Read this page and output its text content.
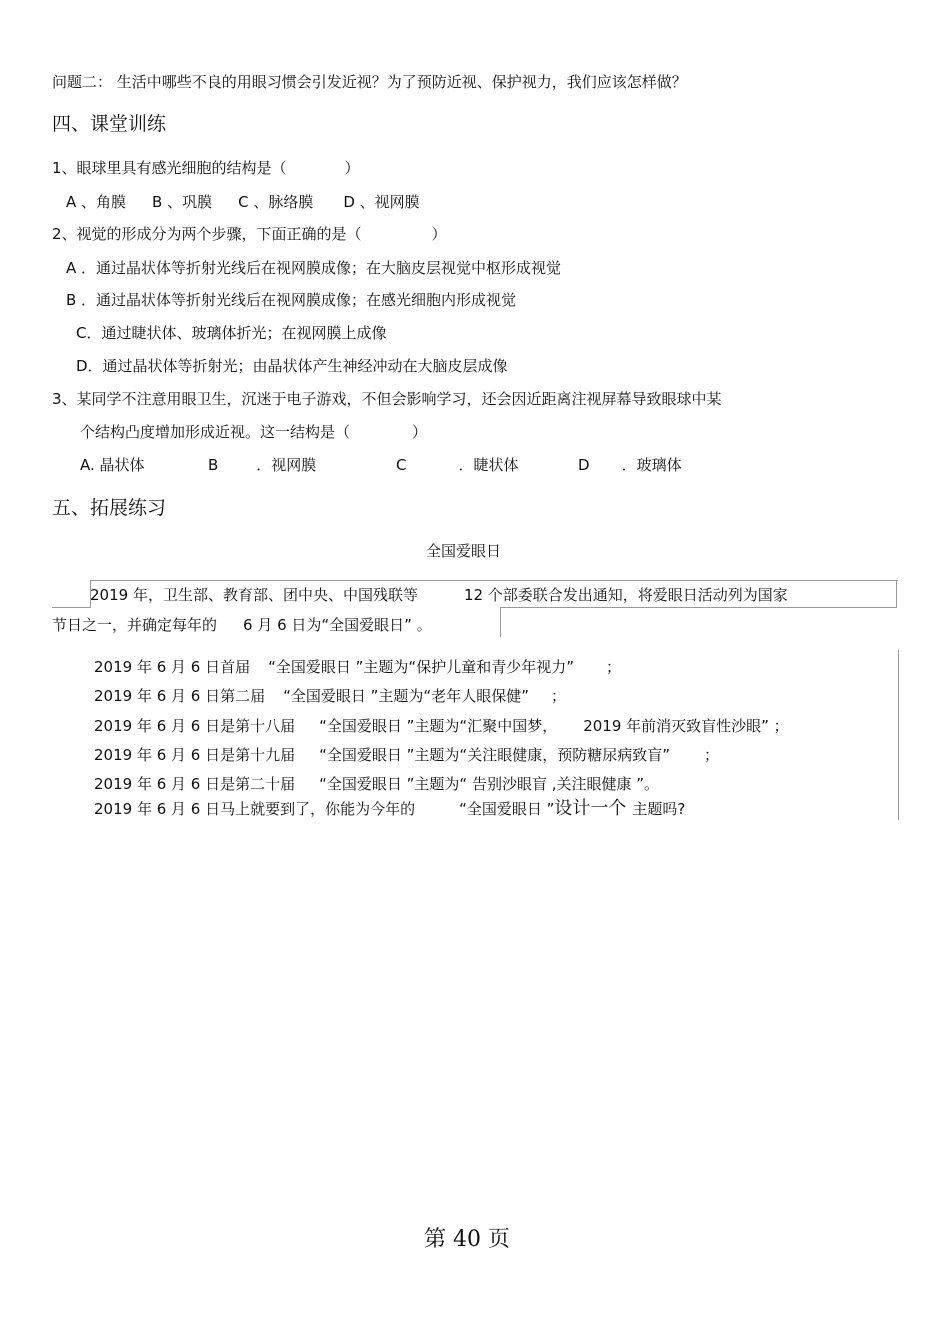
问题二： 生活中哪些不良的用眼习惯会引发近视？为了预防近视、保护视力，我们应该怎样做？
四、课堂训练
1、眼球里具有感光细胞的结构是（	）
A 、角膜 B 、巩膜 C 、脉络膜 D 、视网膜
2、视觉的形成分为两个步骤，下面正确的是（	）
A ．通过晶状体等折射光线后在视网膜成像；在大脑皮层视觉中枢形成视觉
B ．通过晶状体等折射光线后在视网膜成像；在感光细胞内形成视觉
C．通过睫状体、玻璃体折光；在视网膜上成像
D．通过晶状体等折射光；由晶状体产生神经冲动在大脑皮层成像
3、某同学不注意用眼卫生，沉迷于电子游戏，不但会影响学习，还会因近距离注视屏幕导致眼球中某
个结构凸度增加形成近视。这一结构是（	）
A. 晶状体	B	．视网膜	C	．睫状体	D ．玻璃体
五、拓展练习
全国爱眼日
2019 年，卫生部、教育部、团中央、中国残联等	12 个部委联合发出通知，将爱眼日活动列为国家
节日之一，并确定每年的 6 月 6 日为“全国爱眼日” 。
2019 年 6 月 6 日首届 “全国爱眼日 ”主题为“保护儿童和青少年视力” ；
2019 年 6 月 6 日第二届 “全国爱眼日 ”主题为“老年人眼保健” ；
2019 年 6 月 6 日是第十八届 “全国爱眼日 ”主题为“汇聚中国梦， 2019 年前消灭致盲性沙眼” ；
2019 年 6 月 6 日是第十九届 “全国爱眼日 ”主题为“关注眼健康，预防糖尿病致盲” ；
2019 年 6 月 6 日是第二十届 “全国爱眼日 ”主题为“ 告别沙眼盲 ,关注眼健康 ”。
2019 年 6 月 6 日马上就要到了，你能为今年的	“全国爱眼日 ”设计一个 主题吗?
第 40 页
